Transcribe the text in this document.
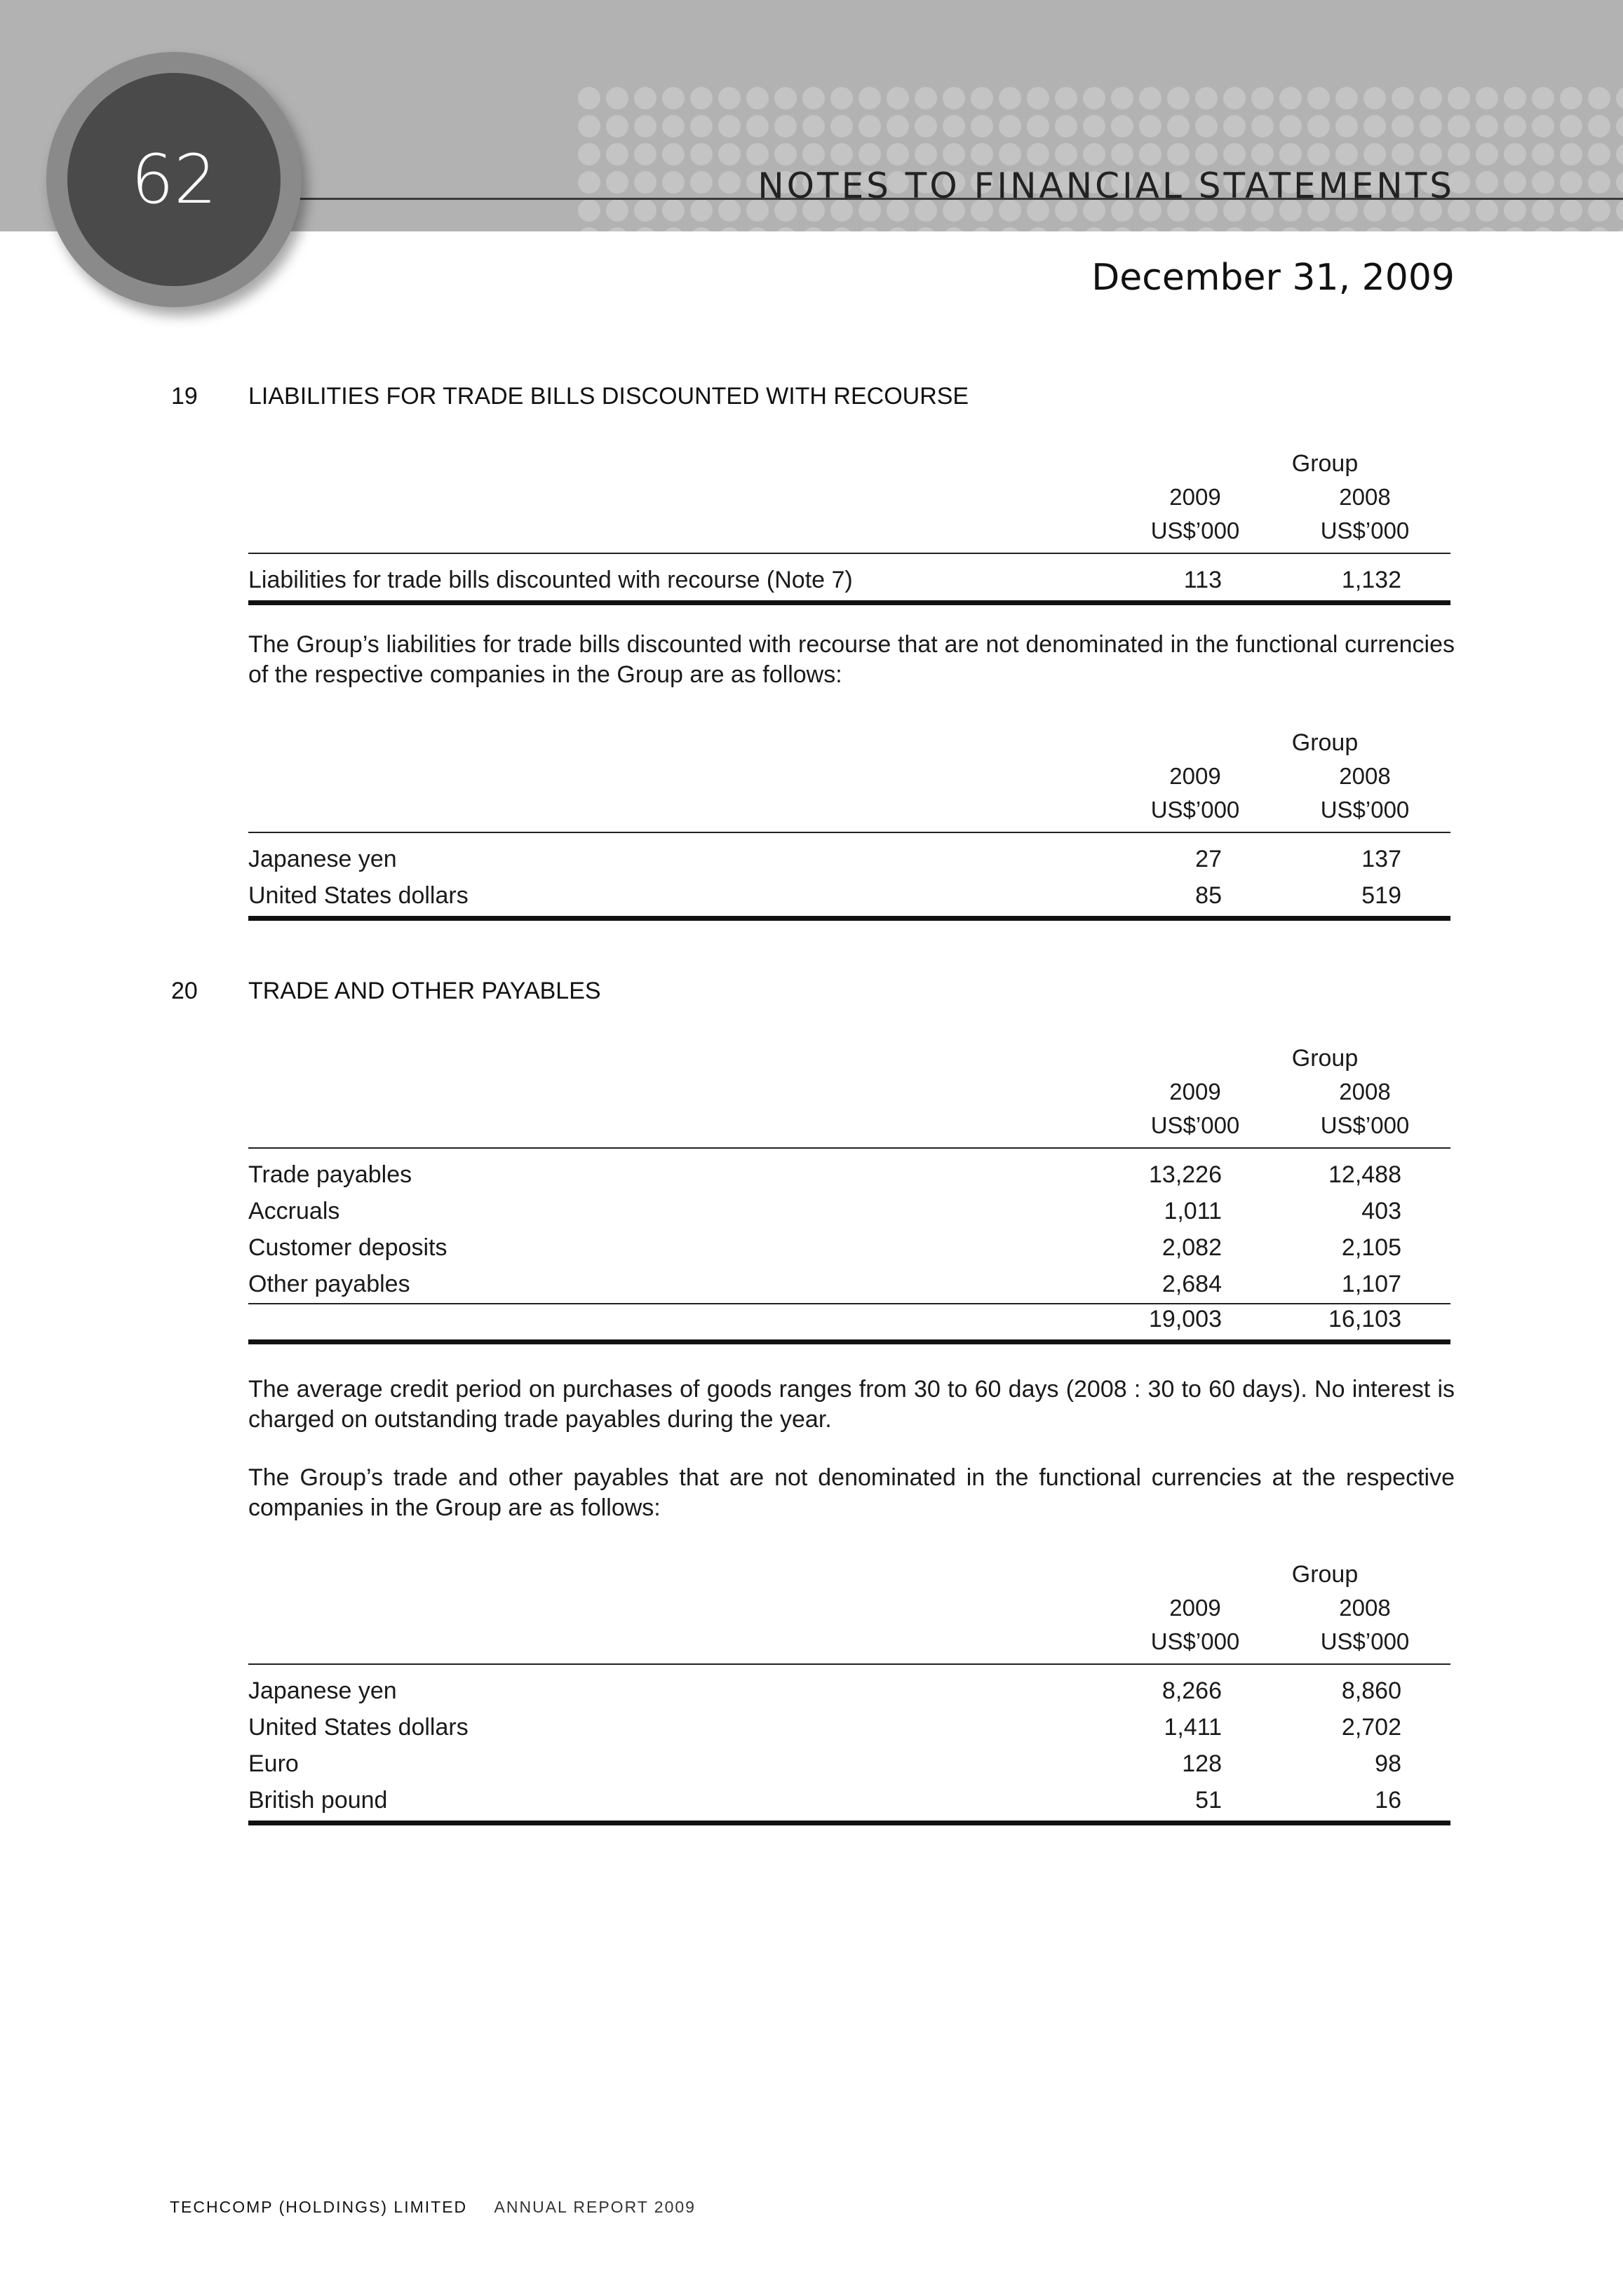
62	NOTES TO FINANCIAL STATEMENTS
December 31, 2009
19 LIABILITIES FOR TRADE BILLS DISCOUNTED WITH RECOURSE
Group
2009	2008
US$’000	US$’000
Liabilities for trade bills discounted with recourse (Note 7)	113	1,132
The Group’s liabilities for trade bills discounted with recourse that are not denominated in the functional currencies of the respective companies in the Group are as follows:
Group
2009	2008
US$’000	US$’000
Japanese yen	27	137
United States dollars	85	519
20 TRADE AND OTHER PAYABLES
Group
2009	2008
US$’000	US$’000
Trade payables	13,226	12,488
Accruals	1,011	403
Customer deposits	2,082	2,105
Other payables	2,684	1,107
19,003	16,103
The average credit period on purchases of goods ranges from 30 to 60 days (2008 : 30 to 60 days). No interest is charged on outstanding trade payables during the year.
The Group’s trade and other payables that are not denominated in the functional currencies at the respective companies in the Group are as follows:
Group
2009	2008
US$’000	US$’000
Japanese yen	8,266	8,860
United States dollars	1,411	2,702
Euro	128	98
British pound	51	16
TECHCOMP (HOLDINGS) LIMITED ANNUAL REPORT 2009
